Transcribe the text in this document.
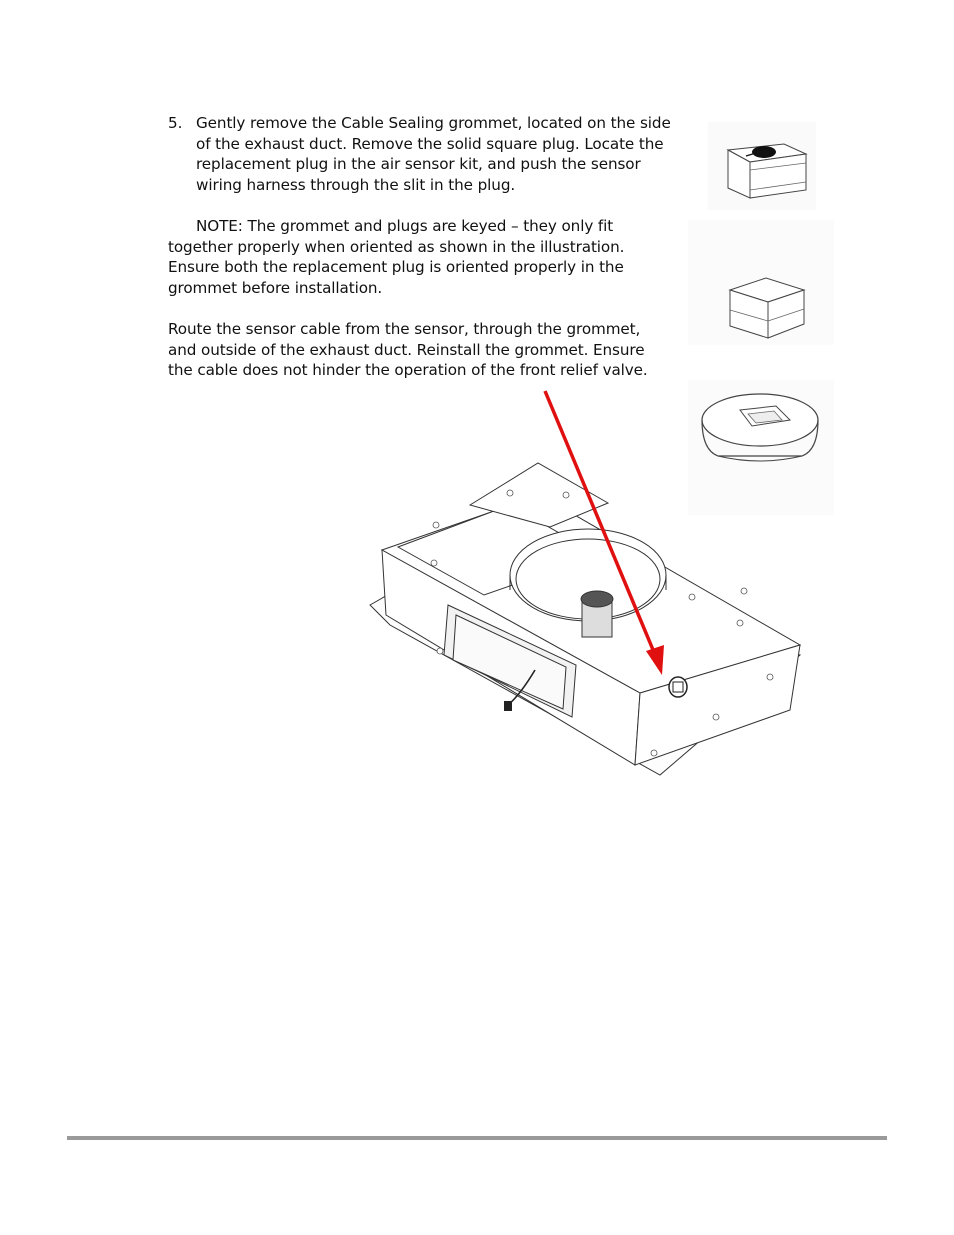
5. Gently remove the Cable Sealing grommet, located on the side of the exhaust duct. Remove the solid square plug. Locate the replacement plug in the air sensor kit, and push the sensor wiring harness through the slit in the plug.
NOTE: The grommet and plugs are keyed – they only fit together properly when oriented as shown in the illustration. Ensure both the replacement plug is oriented properly in the grommet before installation.
Route the sensor cable from the sensor, through the grommet, and outside of the exhaust duct. Reinstall the grommet. Ensure the cable does not hinder the operation of the front relief valve.
